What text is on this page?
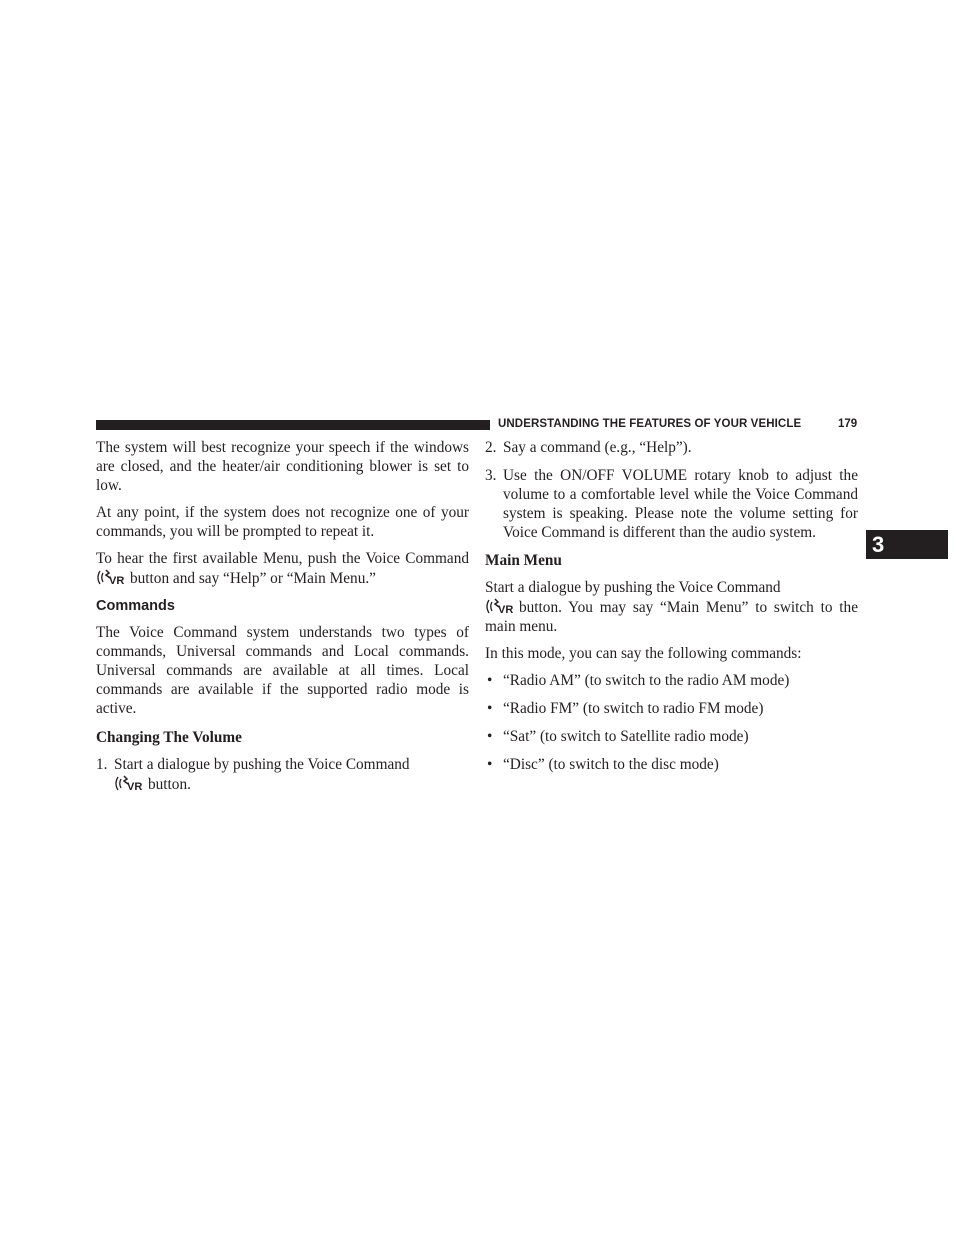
UNDERSTANDING THE FEATURES OF YOUR VEHICLE	179
3

The system will best recognize your speech if the windows are closed, and the heater/air conditioning blower is set to low.

At any point, if the system does not recognize one of your commands, you will be prompted to repeat it.

To hear the first available Menu, push the Voice Command
VR button and say “Help” or “Main Menu.”

Commands

The Voice Command system understands two types of commands, Universal commands and Local commands. Universal commands are available at all times. Local commands are available if the supported radio mode is active.

Changing The Volume
1. Start a dialogue by pushing the Voice Command

VR button.
2. Say a command (e.g., “Help”).
3. Use the ON/OFF VOLUME rotary knob to adjust the volume to a comfortable level while the Voice Command system is speaking. Please note the volume setting for Voice Command is different than the audio system.
Main Menu

Start a dialogue by pushing the Voice Command

VR button. You may say “Main Menu” to switch to the main menu.

In this mode, you can say the following commands:

• “Radio AM” (to switch to the radio AM mode)
• “Radio FM” (to switch to radio FM mode)
• “Sat” (to switch to Satellite radio mode)
• “Disc” (to switch to the disc mode)
